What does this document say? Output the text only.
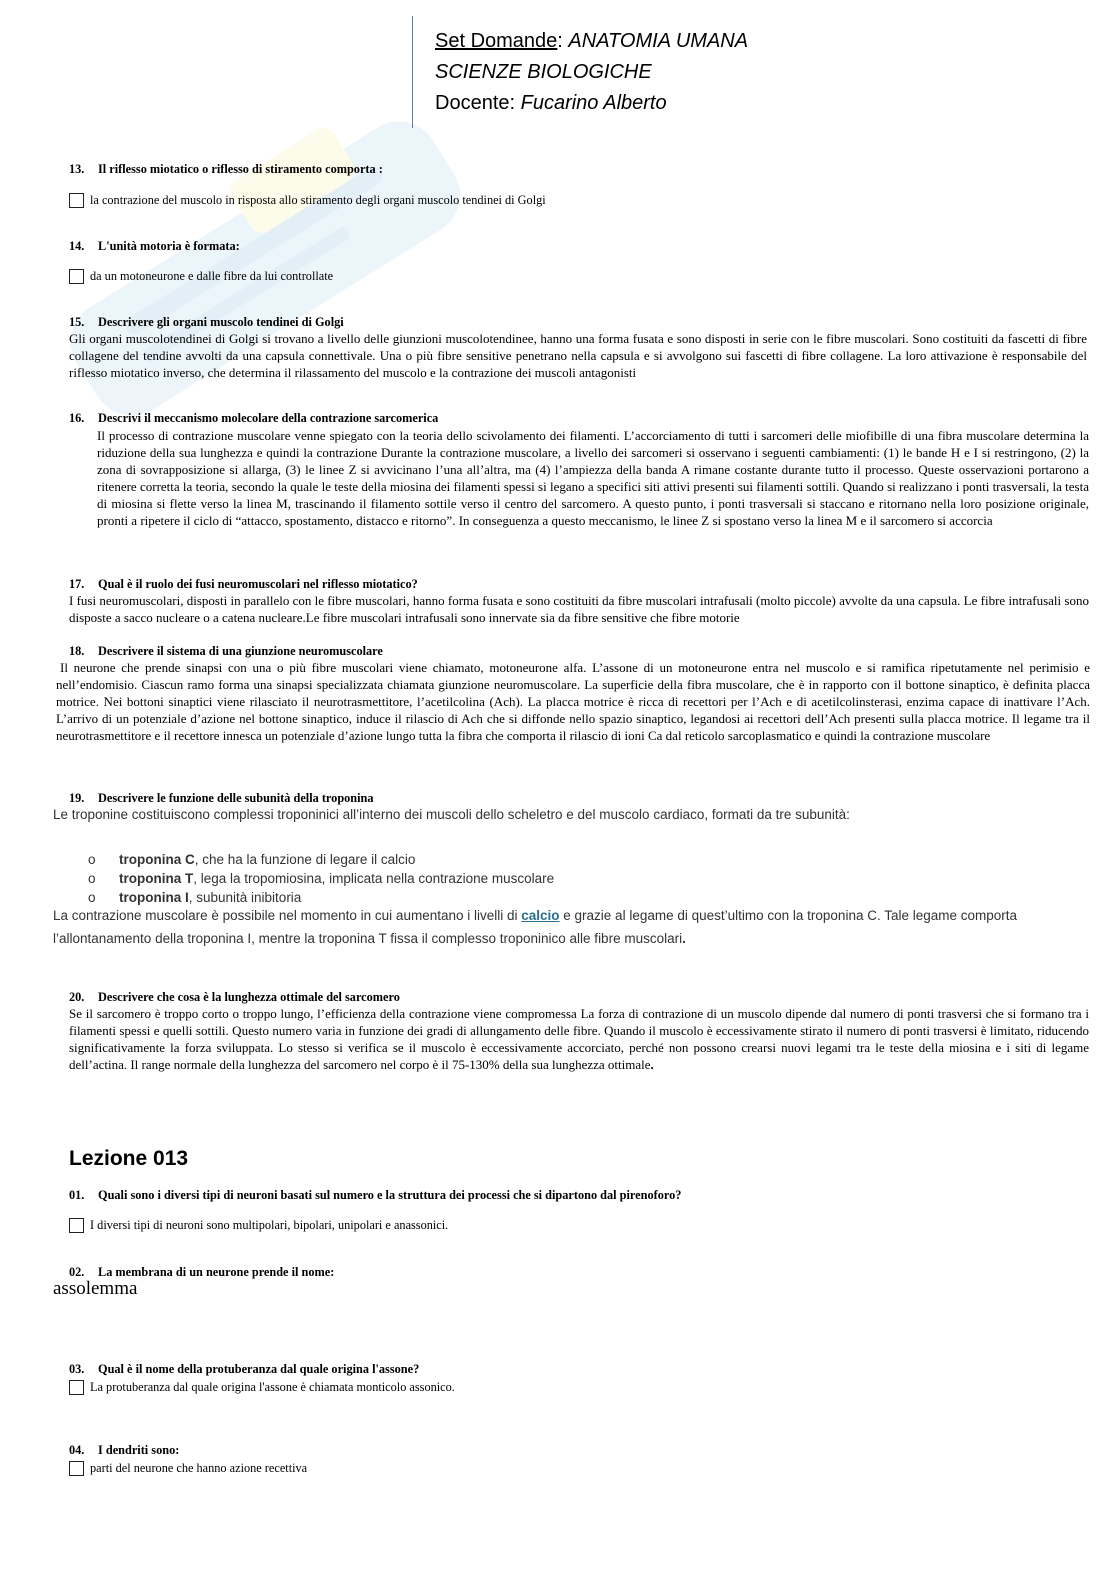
Set Domande: ANATOMIA UMANA
SCIENZE BIOLOGICHE
Docente: Fucarino Alberto
13. Il riflesso miotatico o riflesso di stiramento comporta :
la contrazione del muscolo in risposta allo stiramento degli organi muscolo tendinei di Golgi
14. L'unità motoria è formata:
da un motoneurone e dalle fibre da lui controllate
15. Descrivere gli organi muscolo tendinei di Golgi
Gli organi muscolotendinei di Golgi si trovano a livello delle giunzioni muscolotendinee, hanno una forma fusata e sono disposti in serie con le fibre muscolari. Sono costituiti da fascetti di fibre collagene del tendine avvolti da una capsula connettivale. Una o più fibre sensitive penetrano nella capsula e si avvolgono sui fascetti di fibre collagene. La loro attivazione è responsabile del riflesso miotatico inverso, che determina il rilassamento del muscolo e la contrazione dei muscoli antagonisti
16. Descrivi il meccanismo molecolare della contrazione sarcomerica
Il processo di contrazione muscolare venne spiegato con la teoria dello scivolamento dei filamenti. L’accorciamento di tutti i sarcomeri delle miofibille di una fibra muscolare determina la riduzione della sua lunghezza e quindi la contrazione Durante la contrazione muscolare, a livello dei sarcomeri si osservano i seguenti cambiamenti: (1) le bande H e I si restringono, (2) la zona di sovrapposizione si allarga, (3) le linee Z si avvicinano l’una all’altra, ma (4) l’ampiezza della banda A rimane costante durante tutto il processo. Queste osservazioni portarono a ritenere corretta la teoria, secondo la quale le teste della miosina dei filamenti spessi si legano a specifici siti attivi presenti sui filamenti sottili. Quando si realizzano i ponti trasversali, la testa di miosina si flette verso la linea M, trascinando il filamento sottile verso il centro del sarcomero. A questo punto, i ponti trasversali si staccano e ritornano nella loro posizione originale, pronti a ripetere il ciclo di “attacco, spostamento, distacco e ritorno”. In conseguenza a questo meccanismo, le linee Z si spostano verso la linea M e il sarcomero si accorcia
17. Qual è il ruolo dei fusi neuromuscolari nel riflesso miotatico?
I fusi neuromuscolari, disposti in parallelo con le fibre muscolari, hanno forma fusata e sono costituiti da fibre muscolari intrafusali (molto piccole) avvolte da una capsula. Le fibre intrafusali sono disposte a sacco nucleare o a catena nucleare.Le fibre muscolari intrafusali sono innervate sia da fibre sensitive che fibre motorie
18. Descrivere il sistema di una giunzione neuromuscolare
Il neurone che prende sinapsi con una o più fibre muscolari viene chiamato, motoneurone alfa. L’assone di un motoneurone entra nel muscolo e si ramifica ripetutamente nel perimisio e nell’endomisio. Ciascun ramo forma una sinapsi specializzata chiamata giunzione neuromuscolare. La superficie della fibra muscolare, che è in rapporto con il bottone sinaptico, è definita placca motrice. Nei bottoni sinaptici viene rilasciato il neurotrasmettitore, l’acetilcolina (Ach). La placca motrice è ricca di recettori per l’Ach e di acetilcolinsterasi, enzima capace di inattivare l’Ach. L’arrivo di un potenziale d’azione nel bottone sinaptico, induce il rilascio di Ach che si diffonde nello spazio sinaptico, legandosi ai recettori dell’Ach presenti sulla placca motrice. Il legame tra il neurotrasmettitore e il recettore innesca un potenziale d’azione lungo tutta la fibra che comporta il rilascio di ioni Ca dal reticolo sarcoplasmatico e quindi la contrazione muscolare
19. Descrivere le funzione delle subunità della troponina
Le troponine costituiscono complessi troponinici all’interno dei muscoli dello scheletro e del muscolo cardiaco, formati da tre subunità:
o	troponina C , che ha la funzione di legare il calcio
o	troponina T , lega la tropomiosina, implicata nella contrazione muscolare
o	troponina I , subunità inibitoria
La contrazione muscolare è possibile nel momento in cui aumentano i livelli di calcio e grazie al legame di quest’ultimo con la troponina C. Tale legame comporta l’allontanamento della troponina I, mentre la troponina T fissa il complesso troponinico alle fibre muscolari.
20. Descrivere che cosa è la lunghezza ottimale del sarcomero
Se il sarcomero è troppo corto o troppo lungo, l’efficienza della contrazione viene compromessa La forza di contrazione di un muscolo dipende dal numero di ponti trasversi che si formano tra i filamenti spessi e quelli sottili. Questo numero varia in funzione dei gradi di allungamento delle fibre. Quando il muscolo è eccessivamente stirato il numero di ponti trasversi è limitato, riducendo significativamente la forza sviluppata. Lo stesso si verifica se il muscolo è eccessivamente accorciato, perché non possono crearsi nuovi legami tra le teste della miosina e i siti di legame dell’actina. Il range normale della lunghezza del sarcomero nel corpo è il 75-130% della sua lunghezza ottimale.
Lezione 013
01. Quali sono i diversi tipi di neuroni basati sul numero e la struttura dei processi che si dipartono dal pirenoforo?
I diversi tipi di neuroni sono multipolari, bipolari, unipolari e anassonici.
02. La membrana di un neurone prende il nome:
assolemma
03. Qual è il nome della protuberanza dal quale origina l'assone?
La protuberanza dal quale origina l'assone è chiamata monticolo assonico.
04. I dendriti sono:
parti del neurone che hanno azione recettiva
